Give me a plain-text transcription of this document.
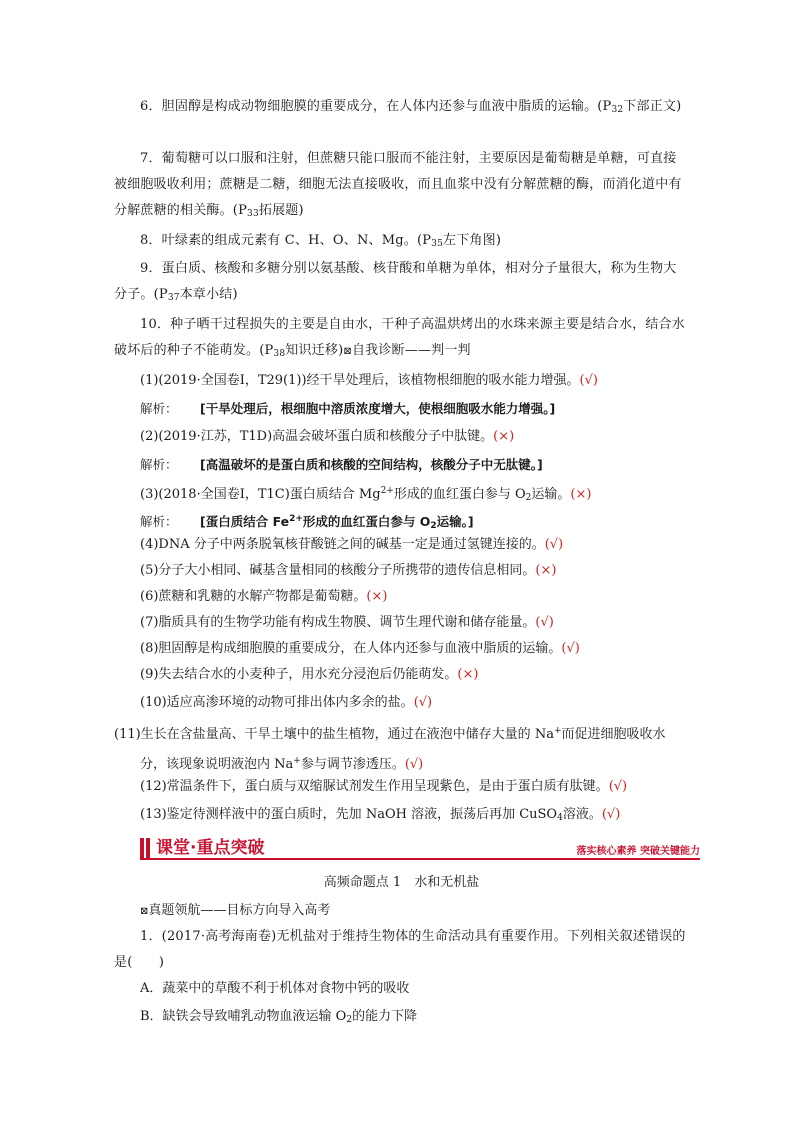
6．胆固醇是构成动物细胞膜的重要成分，在人体内还参与血液中脂质的运输。($P_{32}$下部正文)
7．葡萄糖可以口服和注射，但蔗糖只能口服而不能注射，主要原因是葡萄糖是单糖，可直接被细胞吸收利用；蔗糖是二糖，细胞无法直接吸收，而且血浆中没有分解蔗糖的酶，而消化道中有分解蔗糖的相关酶。($P_{33}$拓展题)
8．叶绿素的组成元素有 C、H、O、N、Mg。($P_{35}$左下角图)
9．蛋白质、核酸和多糖分别以氨基酸、核苷酸和单糖为单体，相对分子量很大，称为生物大分子。($P_{37}$本章小结)
10．种子晒干过程损失的主要是自由水，干种子高温烘烤出的水珠来源主要是结合水，结合水破坏后的种子不能萌发。($P_{38}$知识迁移)⊠自我诊断——判一判
(1)(2019·全国卷Ⅰ，T29(1))经干旱处理后，该植物根细胞的吸水能力增强。(√)
解析： [干旱处理后，根细胞中溶质浓度增大，使根细胞吸水能力增强。]
(2)(2019·江苏，T1D)高温会破坏蛋白质和核酸分子中肽键。(×)
解析： [高温破坏的是蛋白质和核酸的空间结构，核酸分子中无肽键。]
(3)(2018·全国卷Ⅰ，T1C)蛋白质结合 $Mg^{2+}$形成的血红蛋白参与 $O_2$运输。(×)
解析： [蛋白质结合 $Fe^{2+}$形成的血红蛋白参与 $O_2$运输。]
(4)DNA 分子中两条脱氧核苷酸链之间的碱基一定是通过氢键连接的。(√)
(5)分子大小相同、碱基含量相同的核酸分子所携带的遗传信息相同。(×)
(6)蔗糖和乳糖的水解产物都是葡萄糖。(×)
(7)脂质具有的生物学功能有构成生物膜、调节生理代谢和储存能量。(√)
(8)胆固醇是构成细胞膜的重要成分，在人体内还参与血液中脂质的运输。(√)
(9)失去结合水的小麦种子，用水充分浸泡后仍能萌发。(×)
(10)适应高渗环境的动物可排出体内多余的盐。(√)
(11)生长在含盐量高、干旱土壤中的盐生植物，通过在液泡中储存大量的 Na+而促进细胞吸收水分，该现象说明液泡内 Na+参与调节渗透压。(√)
(12)常温条件下，蛋白质与双缩脲试剂发生作用呈现紫色，是由于蛋白质有肽键。(√)
(13)鉴定待测样液中的蛋白质时，先加 NaOH 溶液，振荡后再加 CuSO$_4$溶液。(√)
课堂·重点突破	落实核心素养 突破关键能力
高频命题点 1　水和无机盐
⊠真题领航——目标方向导入高考
1．(2017·高考海南卷)无机盐对于维持生物体的生命活动具有重要作用。下列相关叙述错误的是(　　)
A．蔬菜中的草酸不利于机体对食物中钙的吸收
B．缺铁会导致哺乳动物血液运输 $O_2$的能力下降
